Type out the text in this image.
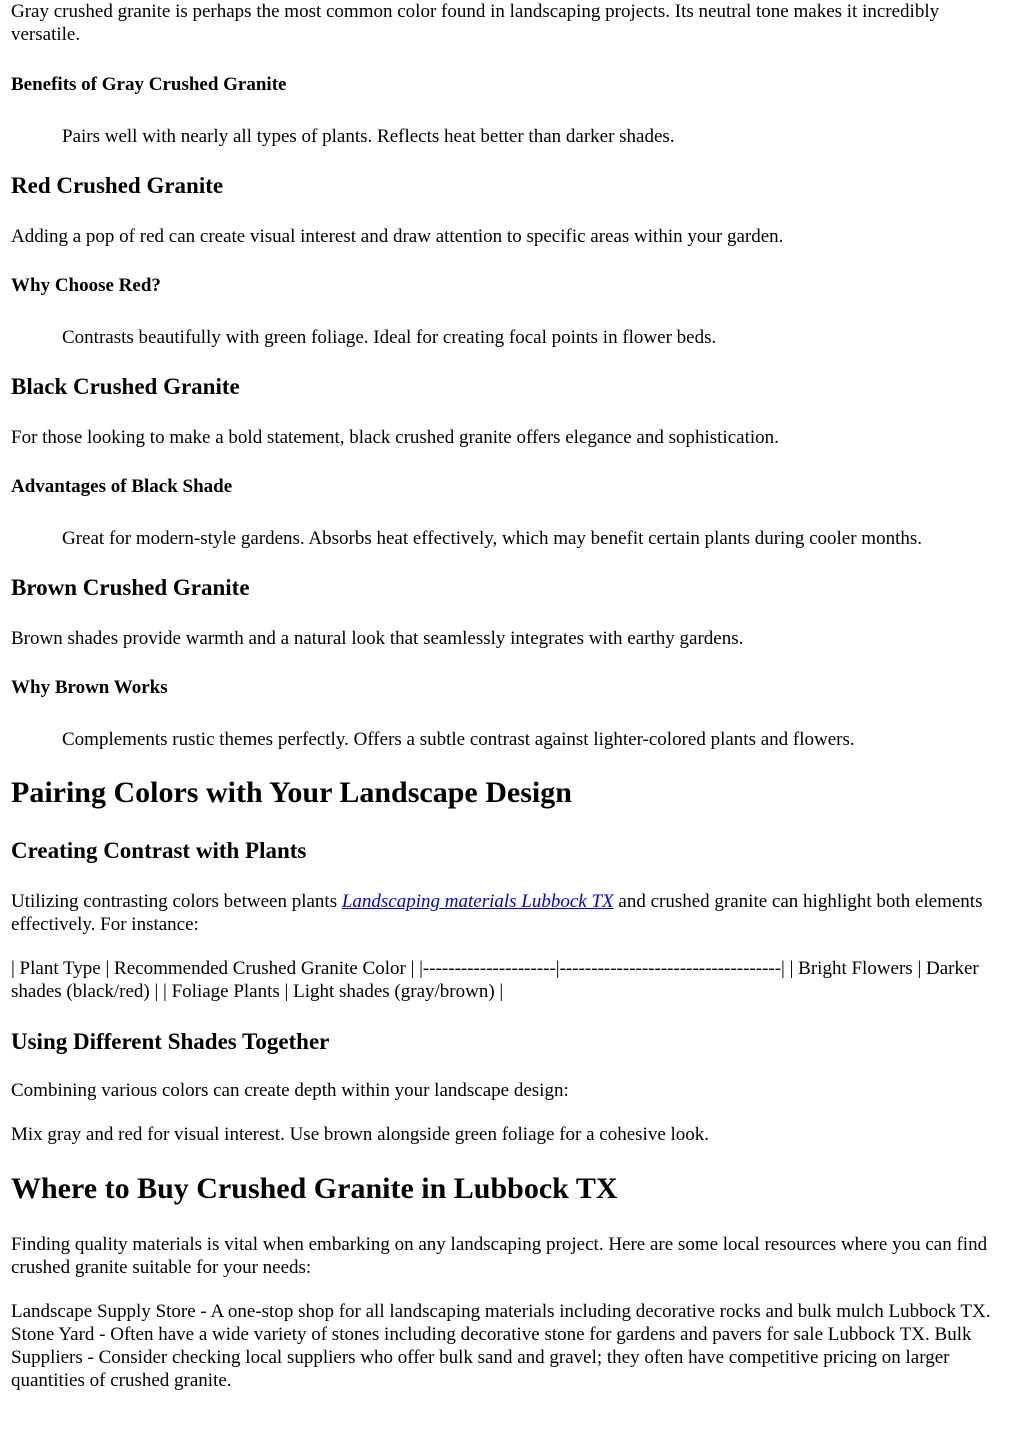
Gray crushed granite is perhaps the most common color found in landscaping projects. Its neutral tone makes it incredibly versatile.

Benefits of Gray Crushed Granite
Pairs well with nearly all types of plants. Reflects heat better than darker shades.
Red Crushed Granite

Adding a pop of red can create visual interest and draw attention to specific areas within your garden.

Why Choose Red?
Contrasts beautifully with green foliage. Ideal for creating focal points in flower beds.
Black Crushed Granite

For those looking to make a bold statement, black crushed granite offers elegance and sophistication.

Advantages of Black Shade
Great for modern-style gardens. Absorbs heat effectively, which may benefit certain plants during cooler months.
Brown Crushed Granite

Brown shades provide warmth and a natural look that seamlessly integrates with earthy gardens.

Why Brown Works
Complements rustic themes perfectly. Offers a subtle contrast against lighter-colored plants and flowers.
Pairing Colors with Your Landscape Design
Creating Contrast with Plants

Utilizing contrasting colors between plants Landscaping materials Lubbock TX and crushed granite can highlight both elements effectively. For instance:

| Plant Type | Recommended Crushed Granite Color | |---------------------|-----------------------------------| | Bright Flowers | Darker shades (black/red) | | Foliage Plants | Light shades (gray/brown) |

Using Different Shades Together

Combining various colors can create depth within your landscape design:

Mix gray and red for visual interest. Use brown alongside green foliage for a cohesive look.

Where to Buy Crushed Granite in Lubbock TX

Finding quality materials is vital when embarking on any landscaping project. Here are some local resources where you can find crushed granite suitable for your needs:

Landscape Supply Store - A one-stop shop for all landscaping materials including decorative rocks and bulk mulch Lubbock TX. Stone Yard - Often have a wide variety of stones including decorative stone for gardens and pavers for sale Lubbock TX. Bulk Suppliers - Consider checking local suppliers who offer bulk sand and gravel; they often have competitive pricing on larger quantities of crushed granite.
